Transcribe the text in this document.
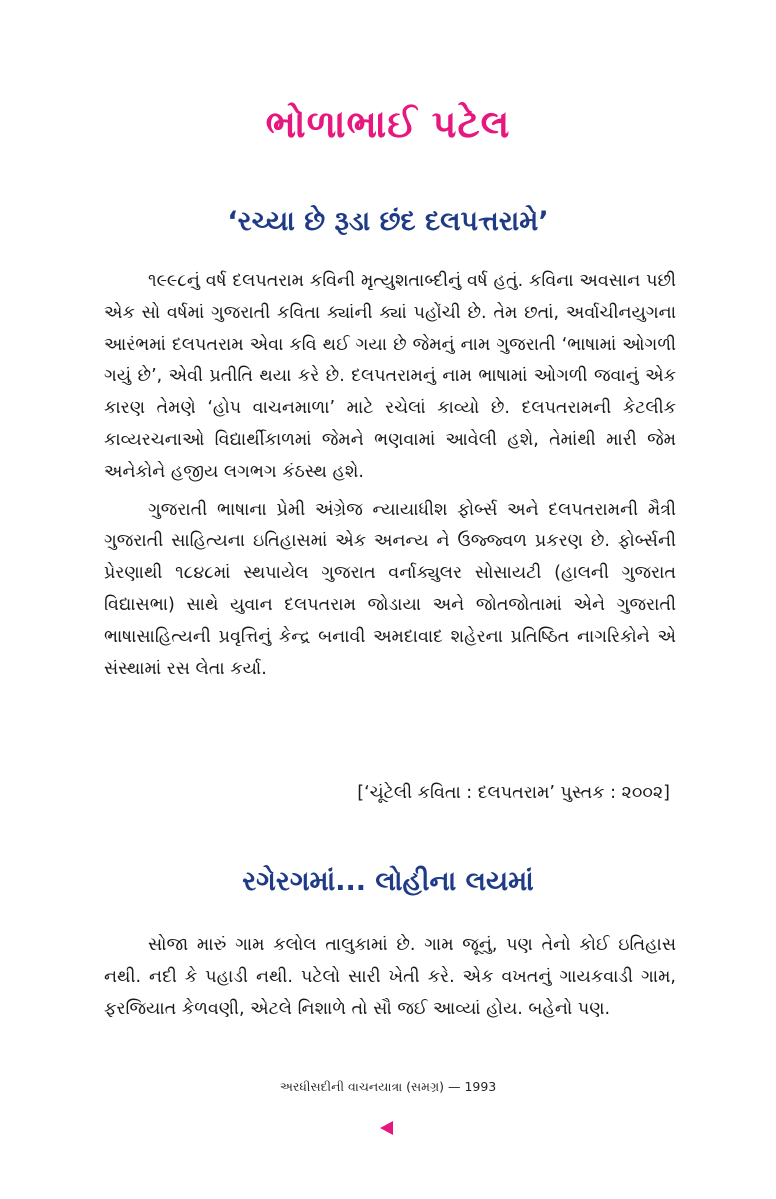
ભોળાભાઈ પટેલ
‘રચ્યા છે રૂડા છંદ દલપત્તરામે’

૧૯૯૮નું વર્ષ દલપતરામ કવિની મૃત્યુશતાબ્દીનું વર્ષ હતું. કવિના અવસાન પછી એક સો વર્ષમાં ગુજરાતી કવિતા ક્યાંની ક્યાં પહોંચી છે. તેમ છતાં, અર્વાચીનયુગના આરંભમાં દલપતરામ એવા કવિ થઈ ગયા છે જેમનું નામ ગુજરાતી ‘ભાષામાં ઓગળી ગયું છે’, એવી પ્રતીતિ થયા કરે છે. દલપતરામનું નામ ભાષામાં ઓગળી જવાનું એક કારણ તેમણે ‘હોપ વાચનમાળા’ માટે રચેલાં કાવ્યો છે. દલપતરામની કેટલીક કાવ્યરચનાઓ વિદ્યાર્થીકાળમાં જેમને ભણવામાં આવેલી હશે, તેમાંથી મારી જેમ અનેકોને હજીય લગભગ કંઠસ્થ હશે.

ગુજરાતી ભાષાના પ્રેમી અંગ્રેજ ન્યાયાધીશ ફોર્બ્સ અને દલપતરામની મૈત્રી ગુજરાતી સાહિત્યના ઇતિહાસમાં એક અનન્ય ને ઉજ્જ્વળ પ્રકરણ છે. ફોર્બ્સની પ્રેરણાથી ૧૮૪૮માં સ્થપાયેલ ગુજરાત વર્નાક્યુલર સોસાયટી (હાલની ગુજરાત વિદ્યાસભા) સાથે યુવાન દલપતરામ જોડાયા અને જોતજોતામાં એને ગુજરાતી ભાષાસાહિત્યની પ્રવૃત્તિનું કેન્દ્ર બનાવી અમદાવાદ શહેરના પ્રતિષ્ઠિત નાગરિકોને એ સંસ્થામાં રસ લેતા કર્યા.

[‘ચૂંટેલી કવિતા : દલપતરામ’ પુસ્તક : ૨૦૦૨]
રગેરગમાં... લોહીના લયમાં

સોજા મારું ગામ કલોલ તાલુકામાં છે. ગામ જૂનું, પણ તેનો કોઈ ઇતિહાસ નથી. નદી કે પહાડી નથી. પટેલો સારી ખેતી કરે. એક વખતનું ગાયકવાડી ગામ, ફરજિયાત કેળવણી, એટલે નિશાળે તો સૌ જઈ આવ્યાં હોય. બહેનો પણ.

અરધીસદીની વાચનયાત્રા (સમગ્ર) — 1993
